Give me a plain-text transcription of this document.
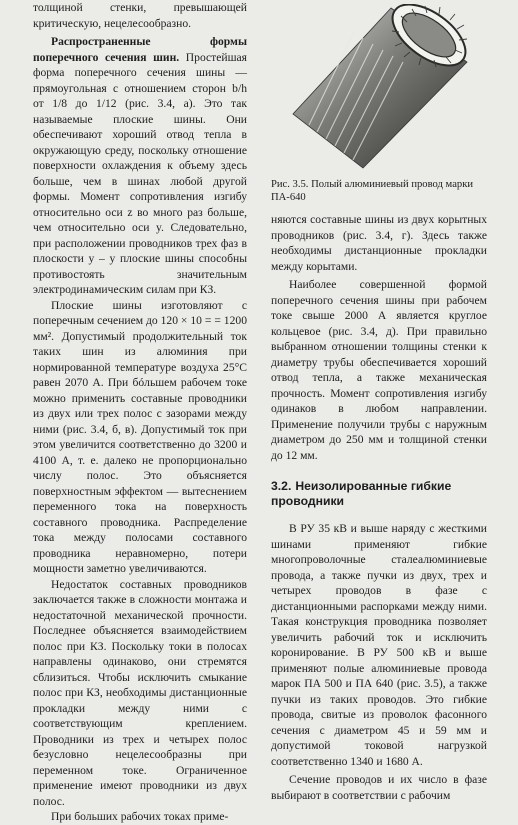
толщиной стенки, превышающей критическую, нецелесообразно.

Распространенные формы поперечного сечения шин. Простейшая форма поперечного сечения шины — прямоугольная с отношением сторон b/h от 1/8 до 1/12 (рис. 3.4, а). Это так называемые плоские шины. Они обеспечивают хороший отвод тепла в окружающую среду, поскольку отношение поверхности охлаждения к объему здесь больше, чем в шинах любой другой формы. Момент сопротивления изгибу относительно оси z во много раз больше, чем относительно оси y. Следовательно, при расположении проводников трех фаз в плоскости y – y плоские шины способны противостоять значительным электродинамическим силам при КЗ.

Плоские шины изготовляют с поперечным сечением до 120 × 10 = = 1200 мм². Допустимый продолжительный ток таких шин из алюминия при нормированной температуре воздуха 25°С равен 2070 А. При бóльшем рабочем токе можно применить составные проводники из двух или трех полос с зазорами между ними (рис. 3.4, б, в). Допустимый ток при этом увеличится соответственно до 3200 и 4100 А, т. е. далеко не пропорционально числу полос. Это объясняется поверхностным эффектом — вытеснением переменного тока на поверхность составного проводника. Распределение тока между полосами составного проводника неравномерно, потери мощности заметно увеличиваются.

Недостаток составных проводников заключается также в сложности монтажа и недостаточной механической прочности. Последнее объясняется взаимодействием полос при КЗ. Поскольку токи в полосах направлены одинаково, они стремятся сблизиться. Чтобы исключить смыкание полос при КЗ, необходимы дистанционные прокладки между ними с соответствующим креплением. Проводники из трех и четырех полос безусловно нецелесообразны при переменном токе. Ограниченное применение имеют проводники из двух полос.

При больших рабочих токах приме-

Рис. 3.5. Полый алюминиевый провод марки ПА-640

няются составные шины из двух корытных проводников (рис. 3.4, г). Здесь также необходимы дистанционные прокладки между корытами.

Наиболее совершенной формой поперечного сечения шины при рабочем токе свыше 2000 А является круглое кольцевое (рис. 3.4, д). При правильно выбранном отношении толщины стенки к диаметру трубы обеспечивается хороший отвод тепла, а также механическая прочность. Момент сопротивления изгибу одинаков в любом направлении. Применение получили трубы с наружным диаметром до 250 мм и толщиной стенки до 12 мм.

3.2. Неизолированные гибкие проводники

В РУ 35 кВ и выше наряду с жесткими шинами применяют гибкие многопроволочные сталеалюминиевые провода, а также пучки из двух, трех и четырех проводов в фазе с дистанционными распорками между ними. Такая конструкция проводника позволяет увеличить рабочий ток и исключить коронирование. В РУ 500 кВ и выше применяют полые алюминиевые провода марок ПА 500 и ПА 640 (рис. 3.5), а также пучки из таких проводов. Это гибкие провода, свитые из проволок фасонного сечения с диаметром 45 и 59 мм и допустимой токовой нагрузкой соответственно 1340 и 1680 А.

Сечение проводов и их число в фазе выбирают в соответствии с рабочим
